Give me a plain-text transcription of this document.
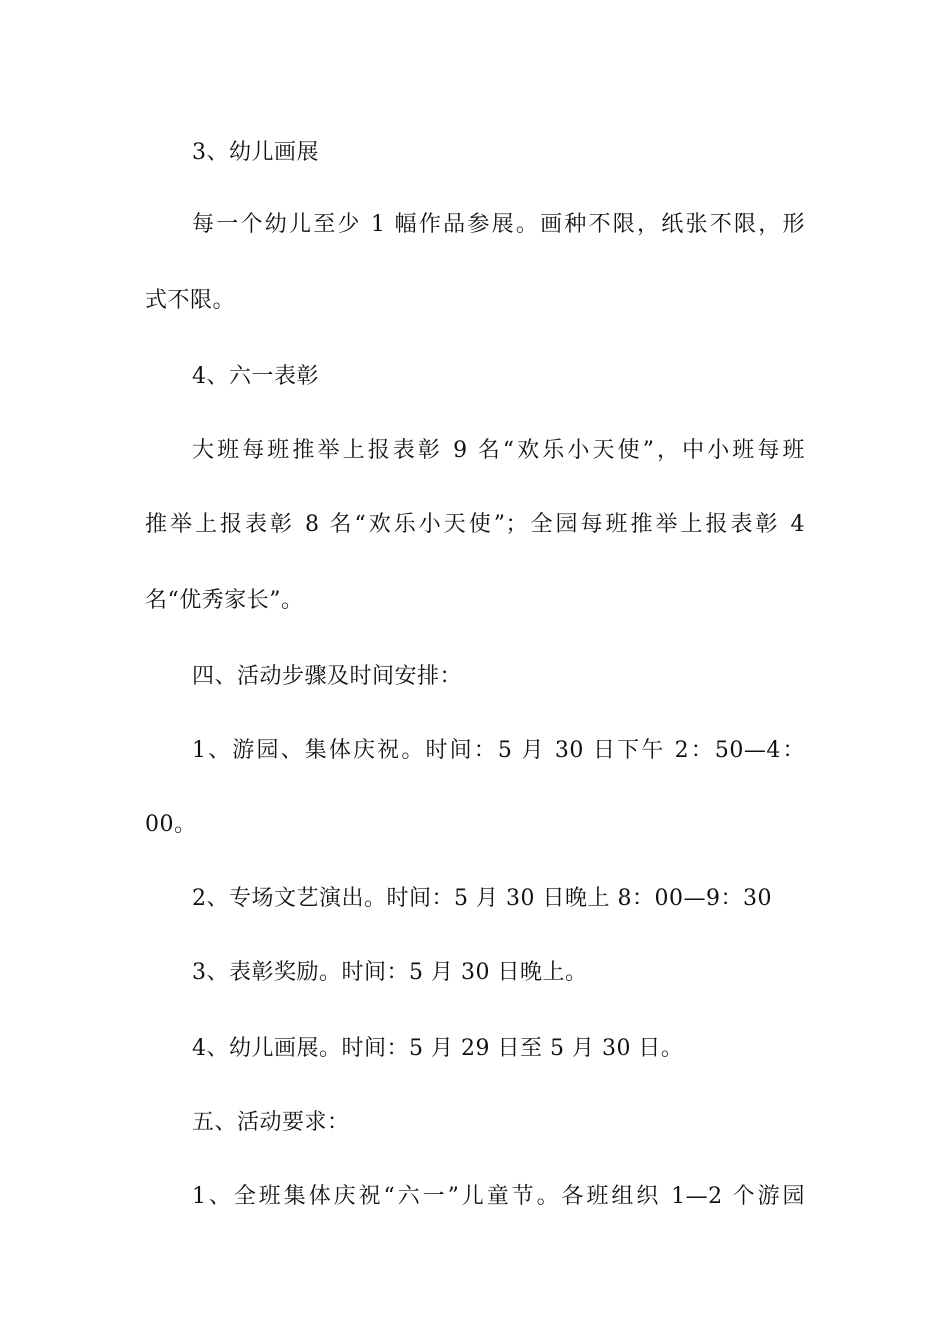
3、幼儿画展
每一个幼儿至少 1 幅作品参展。画种不限，纸张不限，形
式不限。
4、六一表彰
大班每班推举上报表彰 9 名“欢乐小天使”，中小班每班
推举上报表彰 8 名“欢乐小天使”；全园每班推举上报表彰 4
名“优秀家长”。
四、活动步骤及时间安排：
1、游园、集体庆祝。时间：5 月 30 日下午 2：50—4：
00。
2、专场文艺演出。时间：5 月 30 日晚上 8：00—9：30
3、表彰奖励。时间：5 月 30 日晚上。
4、幼儿画展。时间：5 月 29 日至 5 月 30 日。
五、活动要求：
1、全班集体庆祝“六一”儿童节。各班组织 1—2 个游园
